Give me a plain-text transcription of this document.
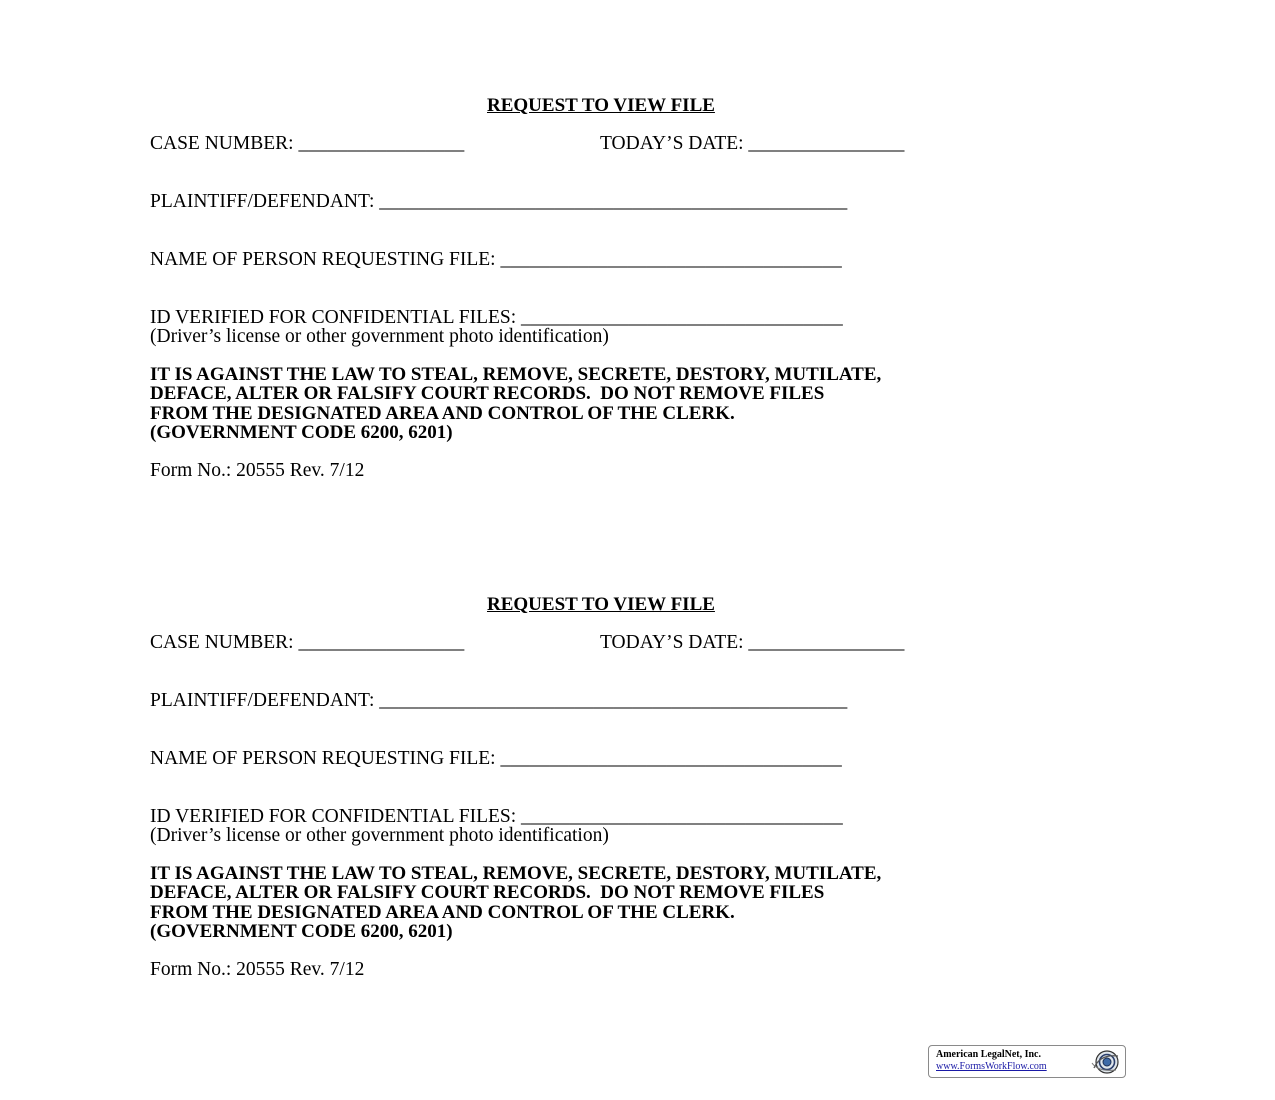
REQUEST TO VIEW FILE
CASE NUMBER: _________________	TODAY’S DATE: ________________
PLAINTIFF/DEFENDANT: ________________________________________________
NAME OF PERSON REQUESTING FILE: ___________________________________
ID VERIFIED FOR CONFIDENTIAL FILES: _________________________________
(Driver’s license or other government photo identification)
IT IS AGAINST THE LAW TO STEAL, REMOVE, SECRETE, DESTORY, MUTILATE,
DEFACE, ALTER OR FALSIFY COURT RECORDS.  DO NOT REMOVE FILES
FROM THE DESIGNATED AREA AND CONTROL OF THE CLERK.
(GOVERNMENT CODE 6200, 6201)
Form No.: 20555 Rev. 7/12
REQUEST TO VIEW FILE
CASE NUMBER: _________________	TODAY’S DATE: ________________
PLAINTIFF/DEFENDANT: ________________________________________________
NAME OF PERSON REQUESTING FILE: ___________________________________
ID VERIFIED FOR CONFIDENTIAL FILES: _________________________________
(Driver’s license or other government photo identification)
IT IS AGAINST THE LAW TO STEAL, REMOVE, SECRETE, DESTORY, MUTILATE,
DEFACE, ALTER OR FALSIFY COURT RECORDS.  DO NOT REMOVE FILES
FROM THE DESIGNATED AREA AND CONTROL OF THE CLERK.
(GOVERNMENT CODE 6200, 6201)
Form No.: 20555 Rev. 7/12
American LegalNet, Inc.
www.FormsWorkFlow.com
